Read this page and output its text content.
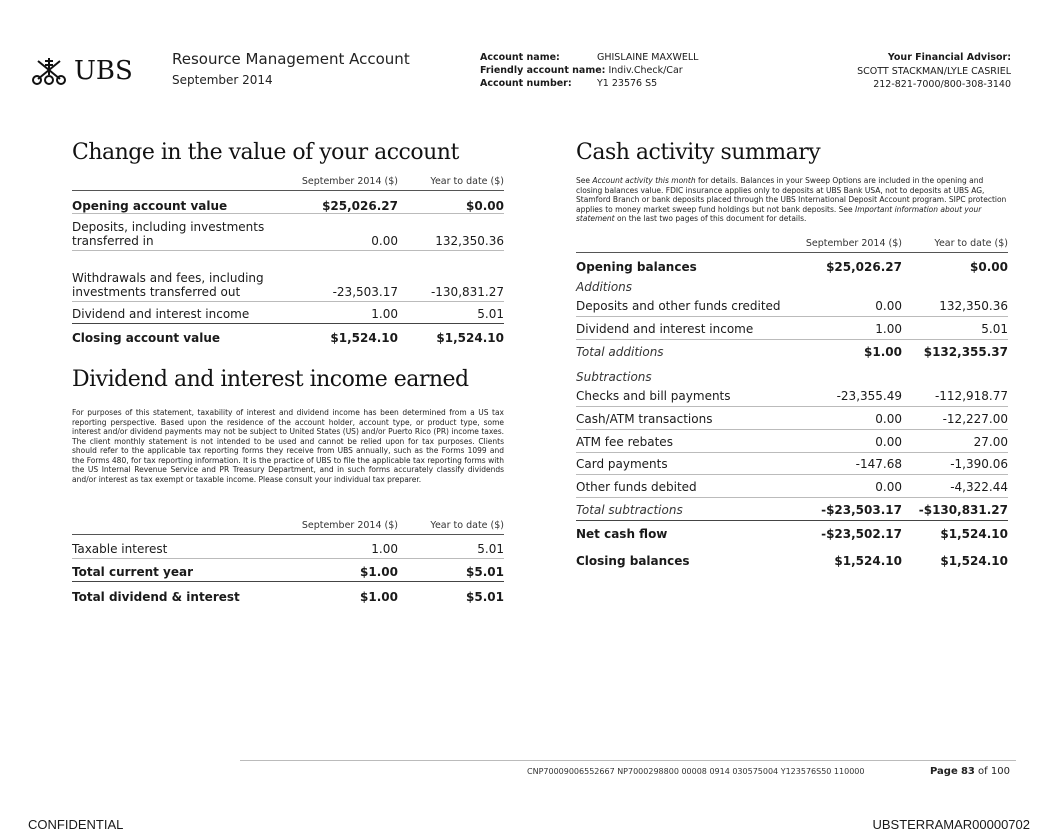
UBS	Resource Management Account
September 2014
Account name:	GHISLAINE MAXWELL
Friendly account name: Indiv.Check/Car
Account number:	Y1 23576 S5
Your Financial Advisor:
SCOTT STACKMAN/LYLE CASRIEL
212-821-7000/800-308-3140
Change in the value of your account
	September 2014 ($)	Year to date ($)
Opening account value	$25,026.27	$0.00
Deposits, including investments transferred in	0.00	132,350.36
Withdrawals and fees, including investments transferred out	-23,503.17	-130,831.27
Dividend and interest income	1.00	5.01
Closing account value	$1,524.10	$1,524.10
Dividend and interest income earned
For purposes of this statement, taxability of interest and dividend income has been determined from a US tax reporting perspective. Based upon the residence of the account holder, account type, or product type, some interest and/or dividend payments may not be subject to United States (US) and/or Puerto Rico (PR) income taxes. The client monthly statement is not intended to be used and cannot be relied upon for tax purposes. Clients should refer to the applicable tax reporting forms they receive from UBS annually, such as the Forms 1099 and the Forms 480, for tax reporting information. It is the practice of UBS to file the applicable tax reporting forms with the US Internal Revenue Service and PR Treasury Department, and in such forms accurately classify dividends and/or interest as tax exempt or taxable income. Please consult your individual tax preparer.
	September 2014 ($)	Year to date ($)
Taxable interest	1.00	5.01
Total current year	$1.00	$5.01
Total dividend & interest	$1.00	$5.01
Cash activity summary
See Account activity this month for details. Balances in your Sweep Options are included in the opening and closing balances value. FDIC insurance applies only to deposits at UBS Bank USA, not to deposits at UBS AG, Stamford Branch or bank deposits placed through the UBS International Deposit Account program. SIPC protection applies to money market sweep fund holdings but not bank deposits. See Important information about your statement on the last two pages of this document for details.
	September 2014 ($)	Year to date ($)
Opening balances	$25,026.27	$0.00
Additions		
Deposits and other funds credited	0.00	132,350.36
Dividend and interest income	1.00	5.01
Total additions	$1.00	$132,355.37
Subtractions		
Checks and bill payments	-23,355.49	-112,918.77
Cash/ATM transactions	0.00	-12,227.00
ATM fee rebates	0.00	27.00
Card payments	-147.68	-1,390.06
Other funds debited	0.00	-4,322.44
Total subtractions	-$23,503.17	-$130,831.27
Net cash flow	-$23,502.17	$1,524.10
Closing balances	$1,524.10	$1,524.10
CNP70009006552667 NP7000298800 00008 0914 030575004 Y123576S50 110000	Page 83 of 100
CONFIDENTIAL	UBSTERRAMAR00000702
